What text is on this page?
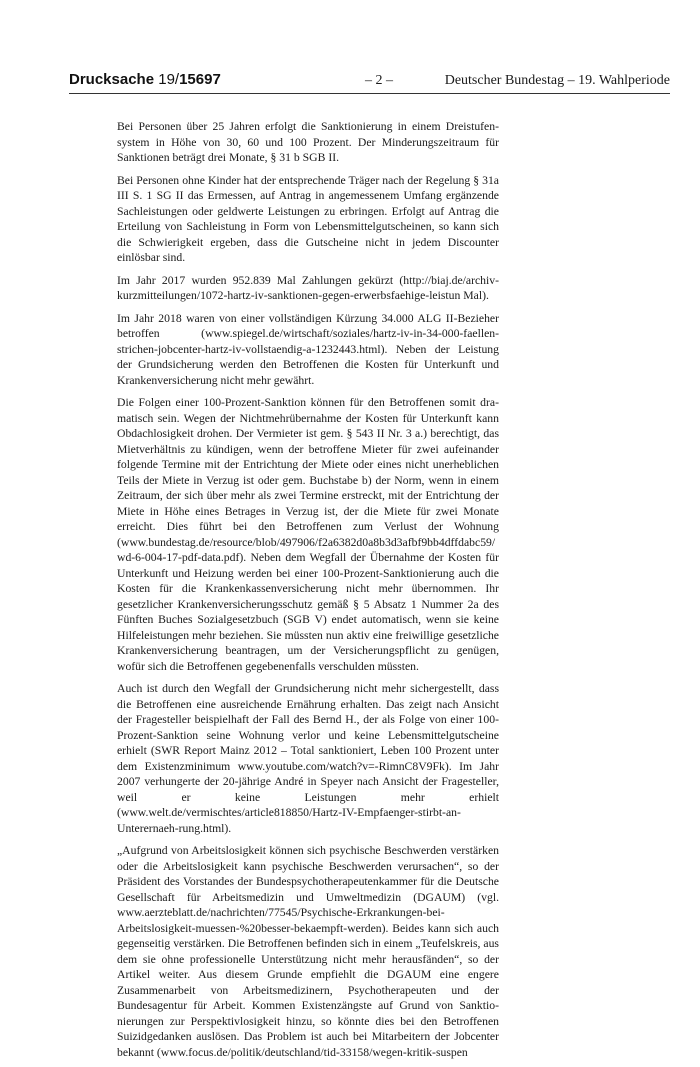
Drucksache 19/15697	– 2 –	Deutscher Bundestag – 19. Wahlperiode

Bei Personen über 25 Jahren erfolgt die Sanktionierung in einem Dreistufensystem in Höhe von 30, 60 und 100 Prozent. Der Minderungszeitraum für Sanktionen beträgt drei Monate, § 31 b SGB II.

Bei Personen ohne Kinder hat der entsprechende Träger nach der Regelung § 31a III S. 1 SG II das Ermessen, auf Antrag in angemessenem Umfang ergänzende Sachleistungen oder geldwerte Leistungen zu erbringen. Erfolgt auf Antrag die Erteilung von Sachleistung in Form von Lebensmittelgutscheinen, so kann sich die Schwierigkeit ergeben, dass die Gutscheine nicht in jedem Discounter einlösbar sind.

Im Jahr 2017 wurden 952.839 Mal Zahlungen gekürzt (http://biaj.de/archiv-kurzmitteilungen/1072-hartz-iv-sanktionen-gegen-erwerbsfaehige-leistun Mal).

Im Jahr 2018 waren von einer vollständigen Kürzung 34.000 ALG II-Bezieher betroffen (www.spiegel.de/wirtschaft/soziales/hartz-iv-in-34-000-faellen-strichen-jobcenter-hartz-iv-vollstaendig-a-1232443.html). Neben der Leistung der Grundsicherung werden den Betroffenen die Kosten für Unterkunft und Krankenversicherung nicht mehr gewährt.

Die Folgen einer 100-Prozent-Sanktion können für den Betroffenen somit dramatisch sein. Wegen der Nichtmehrübernahme der Kosten für Unterkunft kann Obdachlosigkeit drohen. Der Vermieter ist gem. § 543 II Nr. 3 a.) berechtigt, das Mietverhältnis zu kündigen, wenn der betroffene Mieter für zwei aufeinander folgende Termine mit der Entrichtung der Miete oder eines nicht unerheblichen Teils der Miete in Verzug ist oder gem. Buchstabe b) der Norm, wenn in einem Zeitraum, der sich über mehr als zwei Termine erstreckt, mit der Entrichtung der Miete in Höhe eines Betrages in Verzug ist, der die Miete für zwei Monate erreicht. Dies führt bei den Betroffenen zum Verlust der Wohnung (www.bundestag.de/resource/blob/497906/f2a6382d0a8b3d3afbf9bb4dffdabc59/wd-6-004-17-pdf-data.pdf). Neben dem Wegfall der Übernahme der Kosten für Unterkunft und Heizung werden bei einer 100-Prozent-Sanktionierung auch die Kosten für die Krankenkassenversicherung nicht mehr übernommen. Ihr gesetzlicher Krankenversicherungsschutz gemäß § 5 Absatz 1 Nummer 2a des Fünften Buches Sozialgesetzbuch (SGB V) endet automatisch, wenn sie keine Hilfeleistungen mehr beziehen. Sie müssten nun aktiv eine freiwillige gesetzliche Krankenversicherung beantragen, um der Versicherungspflicht zu genügen, wofür sich die Betroffenen gegebenenfalls verschulden müssten.

Auch ist durch den Wegfall der Grundsicherung nicht mehr sichergestellt, dass die Betroffenen eine ausreichende Ernährung erhalten. Das zeigt nach Ansicht der Fragesteller beispielhaft der Fall des Bernd H., der als Folge von einer 100-Prozent-Sanktion seine Wohnung verlor und keine Lebensmittelgutscheine erhielt (SWR Report Mainz 2012 – Total sanktioniert, Leben 100 Prozent unter dem Existenzminimum www.youtube.com/watch?v=-RimnC8V9Fk). Im Jahr 2007 verhungerte der 20-jährige André in Speyer nach Ansicht der Fragesteller, weil er keine Leistungen mehr erhielt (www.welt.de/vermischtes/article818850/Hartz-IV-Empfaenger-stirbt-an-Unterernaeh-rung.html).

„Aufgrund von Arbeitslosigkeit können sich psychische Beschwerden verstärken oder die Arbeitslosigkeit kann psychische Beschwerden verursachen“, so der Präsident des Vorstandes der Bundespsychotherapeutenkammer für die Deutsche Gesellschaft für Arbeitsmedizin und Umweltmedizin (DGAUM) (vgl. www.aerzteblatt.de/nachrichten/77545/Psychische-Erkrankungen-bei-Arbeitslosigkeit-muessen-%20besser-bekaempft-werden). Beides kann sich auch gegenseitig verstärken. Die Betroffenen befinden sich in einem „Teufelskreis, aus dem sie ohne professionelle Unterstützung nicht mehr herausfänden“, so der Artikel weiter. Aus diesem Grunde empfiehlt die DGAUM eine engere Zusammenarbeit von Arbeitsmedizinern, Psychotherapeuten und der Bundesagentur für Arbeit. Kommen Existenzängste auf Grund von Sanktionierungen zur Perspektivlosigkeit hinzu, so könnte dies bei den Betroffenen Suizidgedanken auslösen. Das Problem ist auch bei Mitarbeitern der Jobcenter bekannt (www.focus.de/politik/deutschland/tid-33158/wegen-kritik-suspen
